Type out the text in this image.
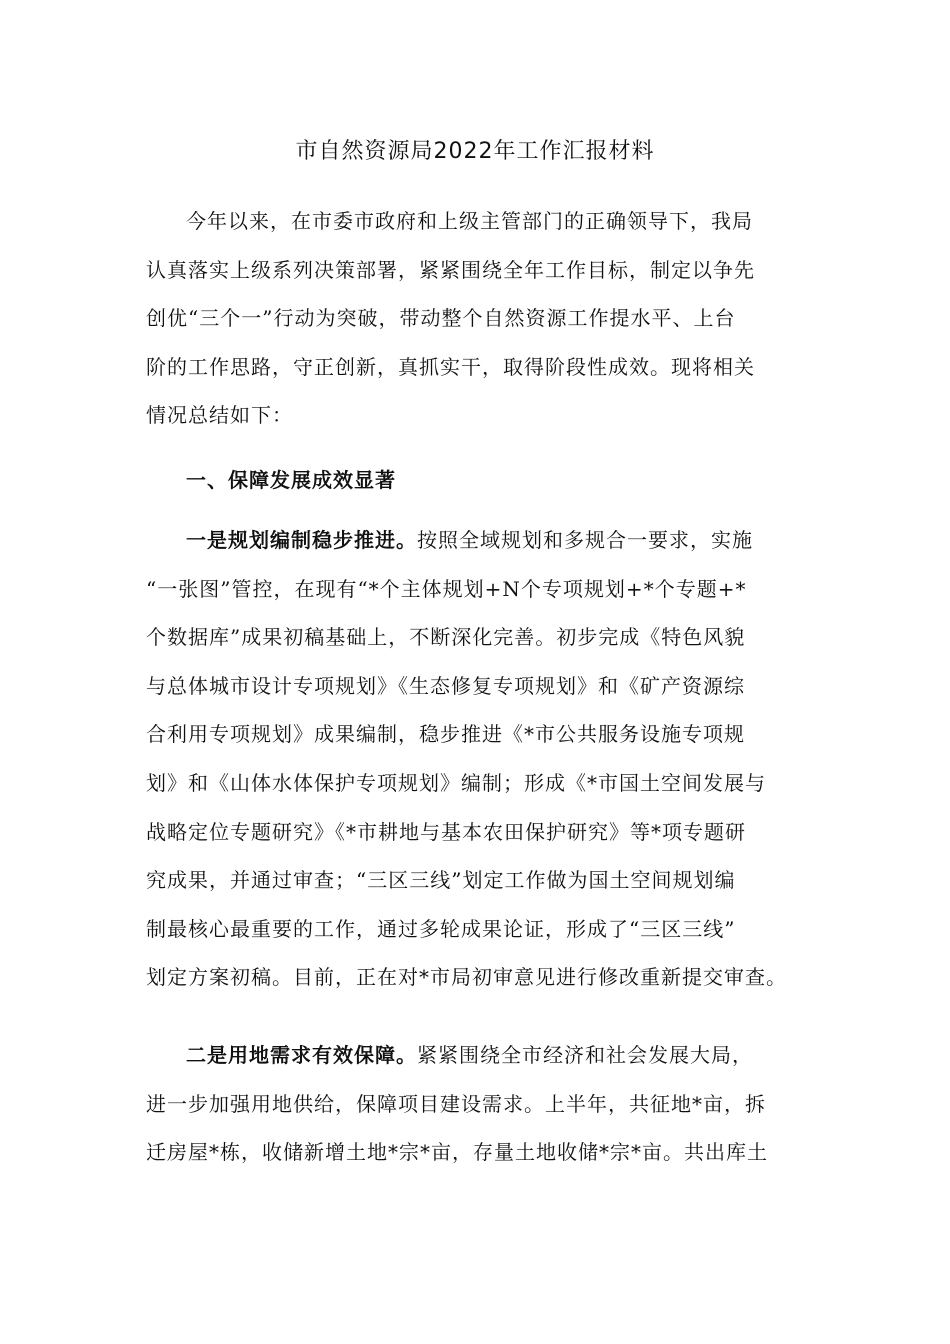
市自然资源局2022年工作汇报材料
今年以来，在市委市政府和上级主管部门的正确领导下，我局
认真落实上级系列决策部署，紧紧围绕全年工作目标，制定以争先
创优“三个一”行动为突破，带动整个自然资源工作提水平、上台
阶的工作思路，守正创新，真抓实干，取得阶段性成效。现将相关
情况总结如下：
一、保障发展成效显著
一是规划编制稳步推进。按照全域规划和多规合一要求，实施
“一张图”管控，在现有“*个主体规划+N个专项规划+*个专题+*
个数据库”成果初稿基础上，不断深化完善。初步完成《特色风貌
与总体城市设计专项规划》《生态修复专项规划》和《矿产资源综
合利用专项规划》成果编制，稳步推进《*市公共服务设施专项规
划》和《山体水体保护专项规划》编制；形成《*市国土空间发展与
战略定位专题研究》《*市耕地与基本农田保护研究》等*项专题研
究成果，并通过审查；“三区三线”划定工作做为国土空间规划编
制最核心最重要的工作，通过多轮成果论证，形成了“三区三线”
划定方案初稿。目前，正在对*市局初审意见进行修改重新提交审查。
二是用地需求有效保障。紧紧围绕全市经济和社会发展大局，
进一步加强用地供给，保障项目建设需求。上半年，共征地*亩，拆
迁房屋*栋，收储新增土地*宗*亩，存量土地收储*宗*亩。共出库土
